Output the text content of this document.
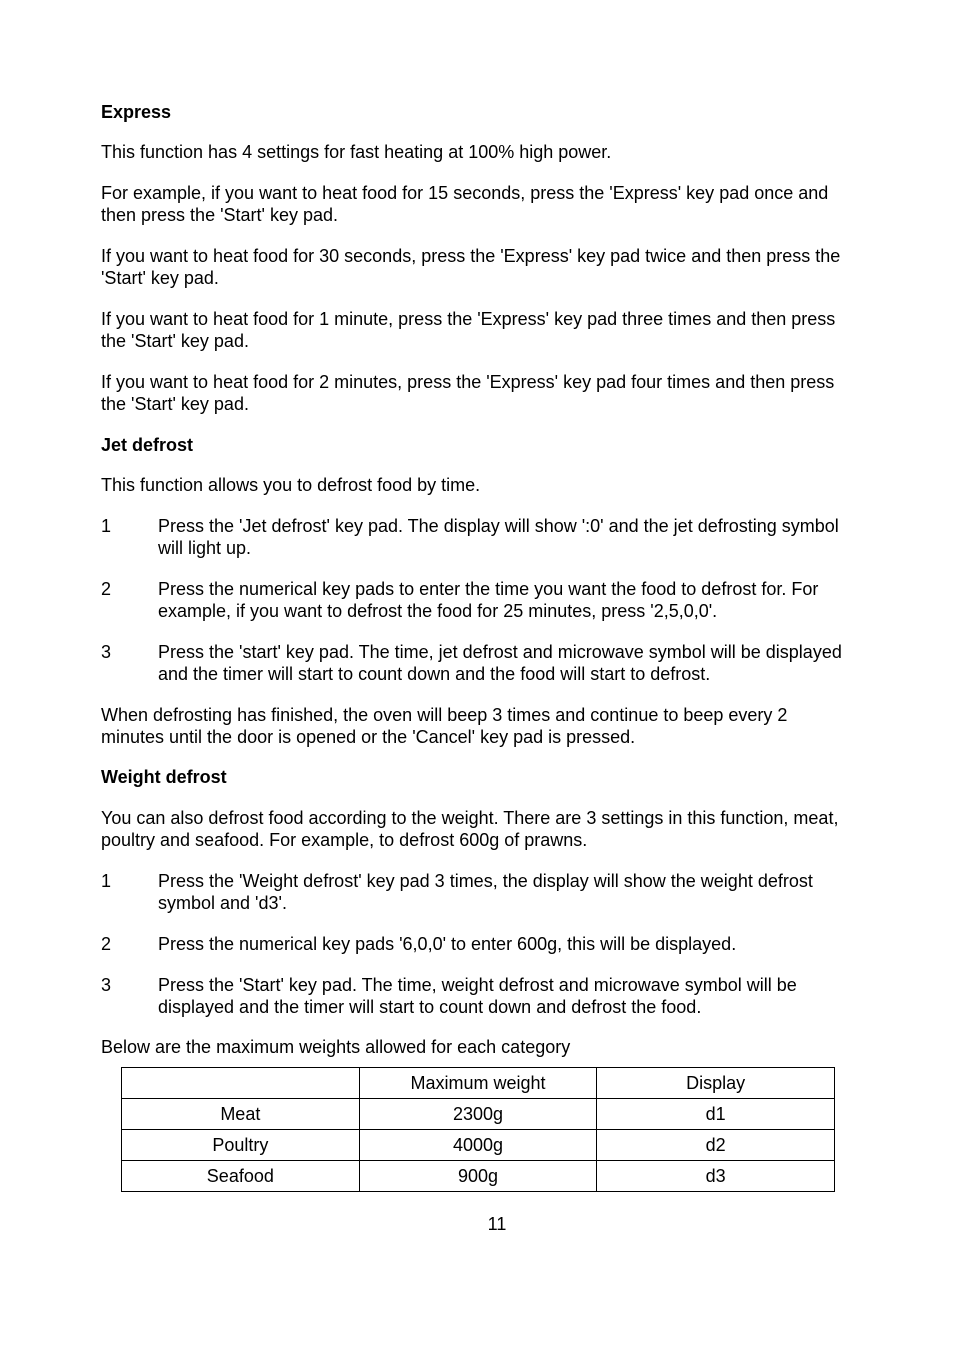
Express

This function has 4 settings for fast heating at 100% high power.

For example, if you want to heat food for 15 seconds, press the 'Express' key pad once and then press the 'Start' key pad.

If you want to heat food for 30 seconds, press the 'Express' key pad twice and then press the 'Start' key pad.

If you want to heat food for 1 minute, press the 'Express' key pad three times and then press the 'Start' key pad.

If you want to heat food for 2 minutes, press the 'Express' key pad four times and then press the 'Start' key pad.

Jet defrost

This function allows you to defrost food by time.

1	Press the 'Jet defrost' key pad. The display will show ':0' and the jet defrosting symbol will light up.
2	Press the numerical key pads to enter the time you want the food to defrost for. For example, if you want to defrost the food for 25 minutes, press '2,5,0,0'.
3	Press the 'start' key pad. The time, jet defrost and microwave symbol will be displayed and the timer will start to count down and the food will start to defrost.

When defrosting has finished, the oven will beep 3 times and continue to beep every 2 minutes until the door is opened or the 'Cancel' key pad is pressed.

Weight defrost

You can also defrost food according to the weight. There are 3 settings in this function, meat, poultry and seafood. For example, to defrost 600g of prawns.

1	Press the 'Weight defrost' key pad 3 times, the display will show the weight defrost symbol and 'd3'.
2	Press the numerical key pads '6,0,0' to enter 600g, this will be displayed.
3	Press the 'Start' key pad. The time, weight defrost and microwave symbol will be displayed and the timer will start to count down and defrost the food.

Below are the maximum weights allowed for each category

	Maximum weight	Display
Meat	2300g	d1
Poultry	4000g	d2
Seafood	900g	d3
11
